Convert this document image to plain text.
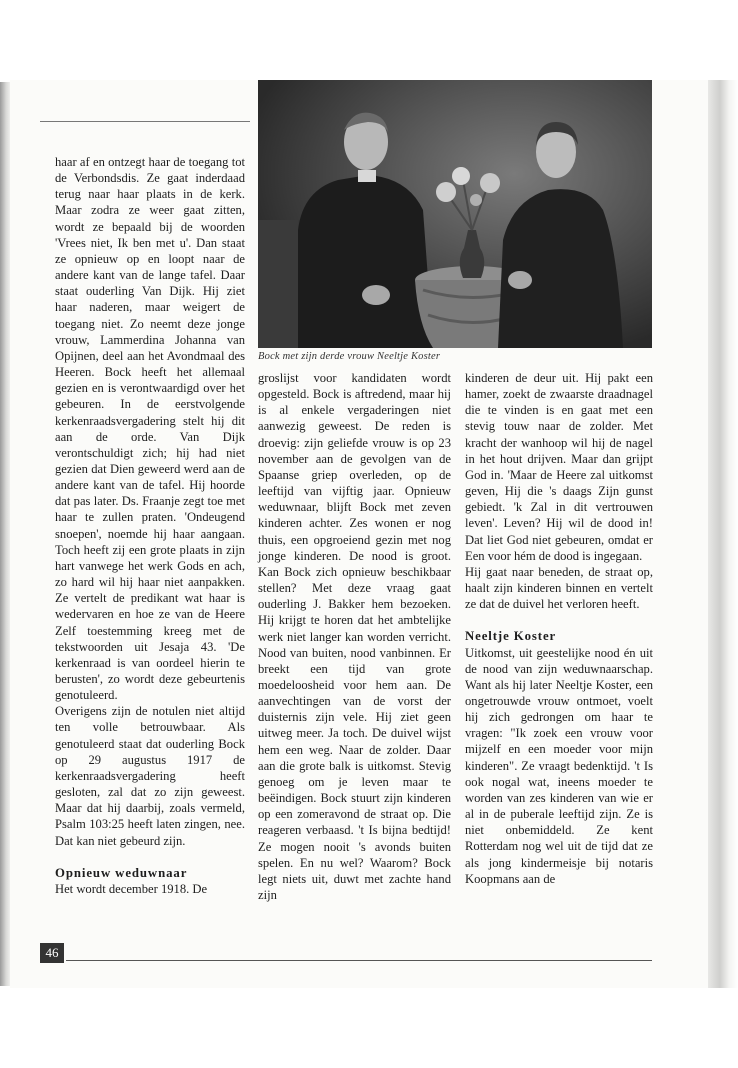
Bock met zijn derde vrouw Neeltje Koster

haar af en ontzegt haar de toegang tot de Verbondsdis. Ze gaat inderdaad terug naar haar plaats in de kerk. Maar zodra ze weer gaat zitten, wordt ze bepaald bij de woorden 'Vrees niet, Ik ben met u'. Dan staat ze opnieuw op en loopt naar de andere kant van de lange tafel. Daar staat ouderling Van Dijk. Hij ziet haar naderen, maar weigert de toegang niet. Zo neemt deze jonge vrouw, Lammerdina Johanna van Opijnen, deel aan het Avondmaal des Heeren. Bock heeft het allemaal gezien en is verontwaardigd over het gebeuren. In de eerstvolgende kerkenraadsvergadering stelt hij dit aan de orde. Van Dijk verontschuldigt zich; hij had niet gezien dat Dien geweerd werd aan de andere kant van de tafel. Hij hoorde dat pas later. Ds. Fraanje zegt toe met haar te zullen praten. 'Ondeugend snoepen', noemde hij haar aangaan. Toch heeft zij een grote plaats in zijn hart vanwege het werk Gods en ach, zo hard wil hij haar niet aanpakken. Ze vertelt de predikant wat haar is wedervaren en hoe ze van de Heere Zelf toestemming kreeg met de tekstwoorden uit Jesaja 43. 'De kerkenraad is van oordeel hierin te berusten', zo wordt deze gebeurtenis genotuleerd.

Overigens zijn de notulen niet altijd ten volle betrouwbaar. Als genotuleerd staat dat ouderling Bock op 29 augustus 1917 de kerkenraadsvergadering heeft gesloten, zal dat zo zijn geweest. Maar dat hij daarbij, zoals vermeld, Psalm 103:25 heeft laten zingen, nee. Dat kan niet gebeurd zijn.

Opnieuw weduwnaar

Het wordt december 1918. De

groslijst voor kandidaten wordt opgesteld. Bock is aftredend, maar hij is al enkele vergaderingen niet aanwezig geweest. De reden is droevig: zijn geliefde vrouw is op 23 november aan de gevolgen van de Spaanse griep overleden, op de leeftijd van vijftig jaar. Opnieuw weduwnaar, blijft Bock met zeven kinderen achter. Zes wonen er nog thuis, een opgroeiend gezin met nog jonge kinderen. De nood is groot. Kan Bock zich opnieuw beschikbaar stellen? Met deze vraag gaat ouderling J. Bakker hem bezoeken. Hij krijgt te horen dat het ambtelijke werk niet langer kan worden verricht. Nood van buiten, nood vanbinnen. Er breekt een tijd van grote moedeloosheid voor hem aan. De aanvechtingen van de vorst der duisternis zijn vele. Hij ziet geen uitweg meer. Ja toch. De duivel wijst hem een weg. Naar de zolder. Daar aan die grote balk is uitkomst. Stevig genoeg om je leven maar te beëindigen. Bock stuurt zijn kinderen op een zomeravond de straat op. Die reageren verbaasd. 't Is bijna bedtijd! Ze mogen nooit 's avonds buiten spelen. En nu wel? Waarom? Bock legt niets uit, duwt met zachte hand zijn

kinderen de deur uit. Hij pakt een hamer, zoekt de zwaarste draadnagel die te vinden is en gaat met een stevig touw naar de zolder. Met kracht der wanhoop wil hij de nagel in het hout drijven. Maar dan grijpt God in. 'Maar de Heere zal uitkomst geven, Hij die 's daags Zijn gunst gebiedt. 'k Zal in dit vertrouwen leven'. Leven? Hij wil de dood in! Dat liet God niet gebeuren, omdat er Een voor hém de dood is ingegaan.

Hij gaat naar beneden, de straat op, haalt zijn kinderen binnen en vertelt ze dat de duivel het verloren heeft.

Neeltje Koster

Uitkomst, uit geestelijke nood én uit de nood van zijn weduwnaarschap. Want als hij later Neeltje Koster, een ongetrouwde vrouw ontmoet, voelt hij zich gedrongen om haar te vragen: "Ik zoek een vrouw voor mijzelf en een moeder voor mijn kinderen". Ze vraagt bedenktijd. 't Is ook nogal wat, ineens moeder te worden van zes kinderen van wie er al in de puberale leeftijd zijn. Ze is niet onbemiddeld. Ze kent Rotterdam nog wel uit de tijd dat ze als jong kindermeisje bij notaris Koopmans aan de

46
